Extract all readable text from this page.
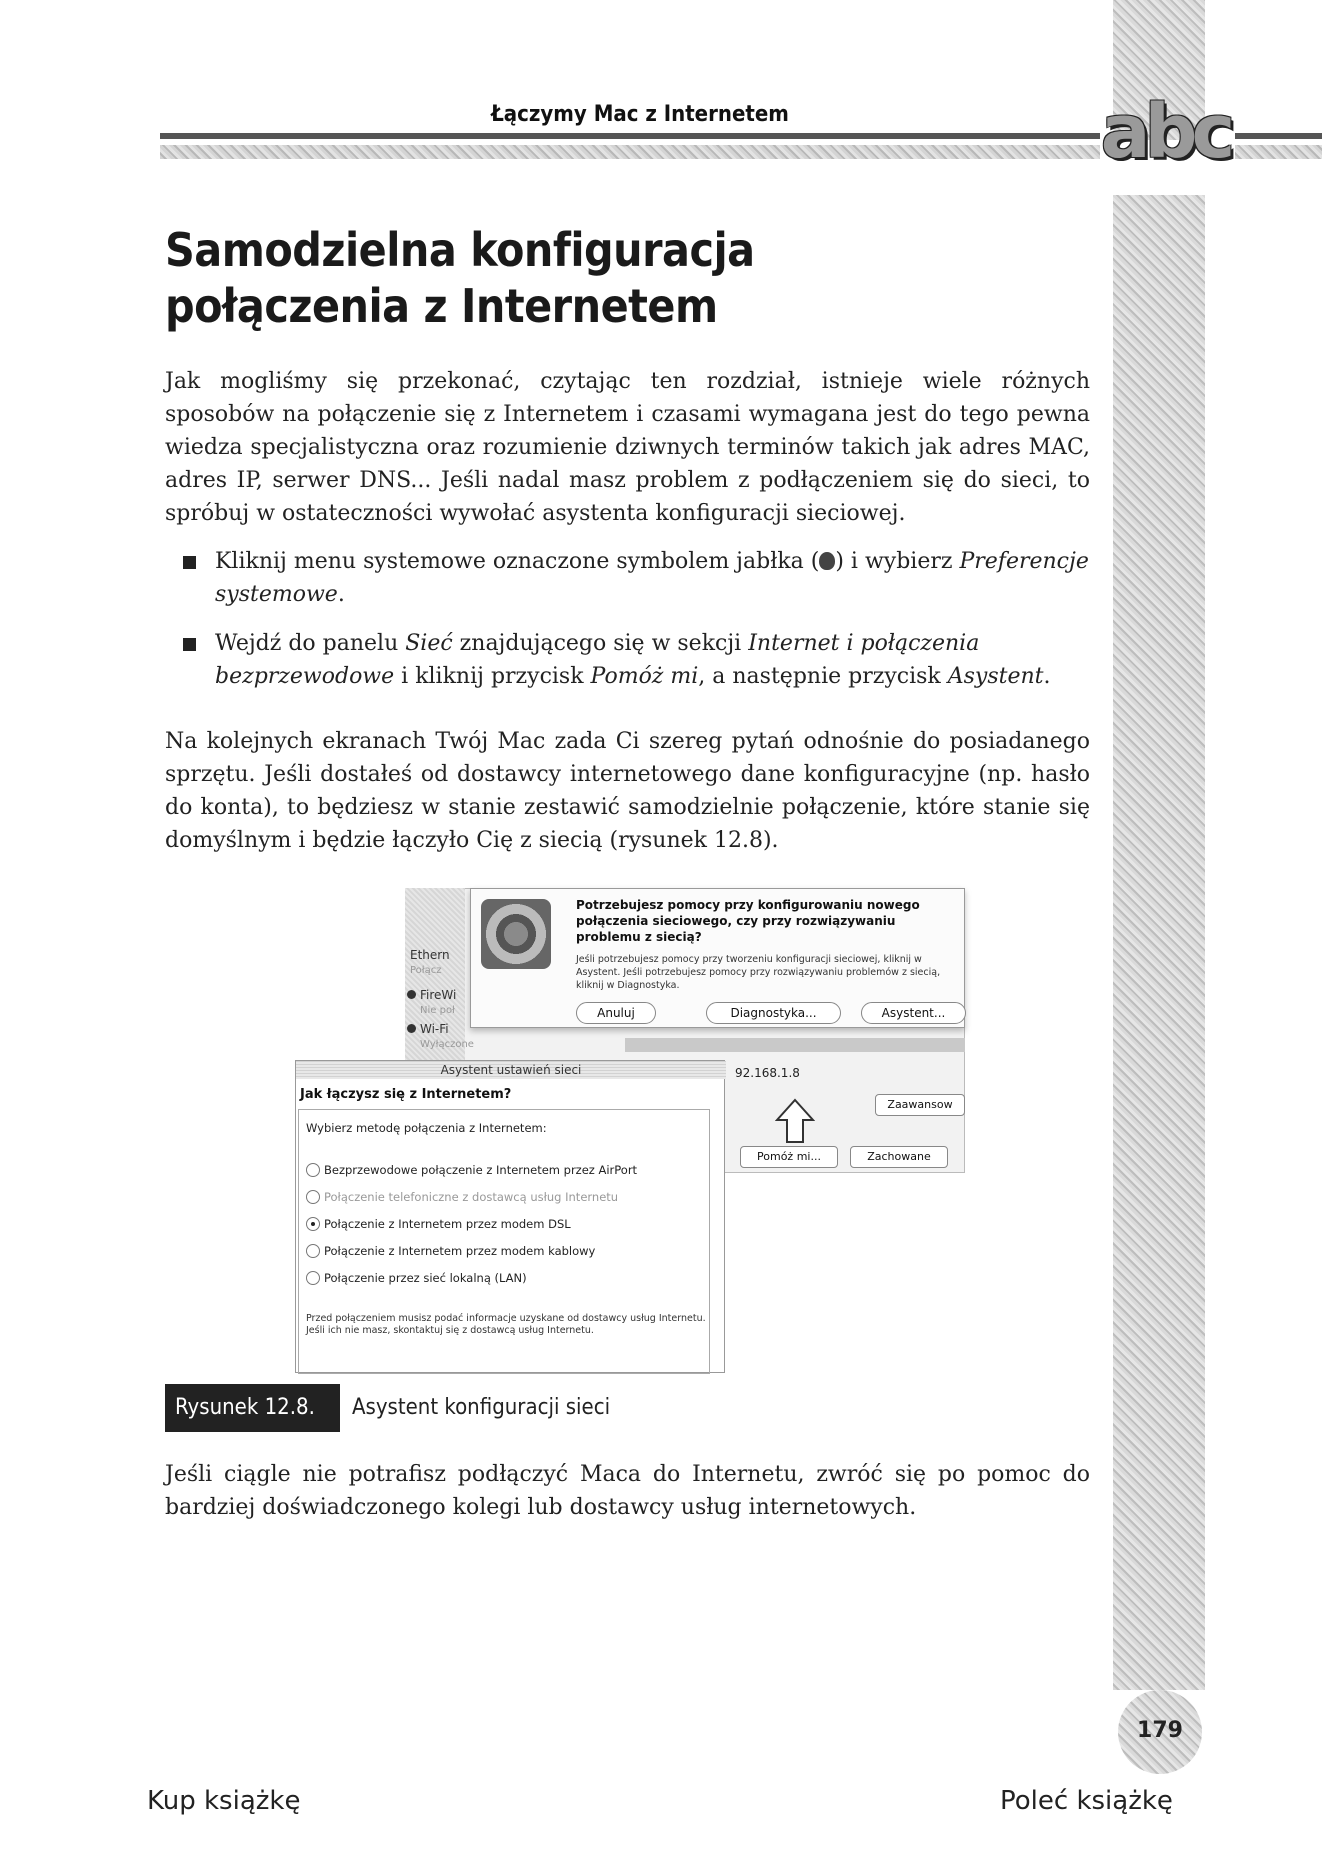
Łączymy Mac z Internetem	abc
Samodzielna konfiguracja
połączenia z Internetem

Jak mogliśmy się przekonać, czytając ten rozdział, istnieje wiele różnych sposobów na połączenie się z Internetem i czasami wymagana jest do tego pewna wiedza specjalistyczna oraz rozumienie dziwnych terminów takich jak adres MAC, adres IP, serwer DNS... Jeśli nadal masz problem z podłączeniem się do sieci, to spróbuj w ostateczności wywołać asystenta konfiguracji sieciowej.

Kliknij menu systemowe oznaczone symbolem jabłka ( ) i wybierz Preferencje systemowe.
Wejdź do panelu Sieć znajdującego się w sekcji Internet i połączenia bezprzewodowe i kliknij przycisk Pomóż mi, a następnie przycisk Asystent.

Na kolejnych ekranach Twój Mac zada Ci szereg pytań odnośnie do posiadanego sprzętu. Jeśli dostałeś od dostawcy internetowego dane konfiguracyjne (np. hasło do konta), to będziesz w stanie zestawić samodzielnie połączenie, które stanie się domyślnym i będzie łączyło Cię z siecią (rysunek 12.8).

Ethern
Połącz
FireWi
Nie poł
Wi-Fi
Wyłączone
92.168.1.8
Zaawansow
Pomóż mi...	Zachowane
Potrzebujesz pomocy przy konfigurowaniu nowego połączenia sieciowego, czy przy rozwiązywaniu problemu z siecią?
Jeśli potrzebujesz pomocy przy tworzeniu konfiguracji sieciowej, kliknij w Asystent. Jeśli potrzebujesz pomocy przy rozwiązywaniu problemów z siecią, kliknij w Diagnostyka.
Anuluj	Diagnostyka...	Asystent...
Asystent ustawień sieci
Jak łączysz się z Internetem?
Wybierz metodę połączenia z Internetem:
Bezprzewodowe połączenie z Internetem przez AirPort
Połączenie telefoniczne z dostawcą usług Internetu
Połączenie z Internetem przez modem DSL
Połączenie z Internetem przez modem kablowy
Połączenie przez sieć lokalną (LAN)
Przed połączeniem musisz podać informacje uzyskane od dostawcy usług Internetu. Jeśli ich nie masz, skontaktuj się z dostawcą usług Internetu.
Rysunek 12.8.	Asystent konfiguracji sieci

Jeśli ciągle nie potrafisz podłączyć Maca do Internetu, zwróć się po pomoc do bardziej doświadczonego kolegi lub dostawcy usług internetowych.

179
Kup książkę	Poleć książkę
